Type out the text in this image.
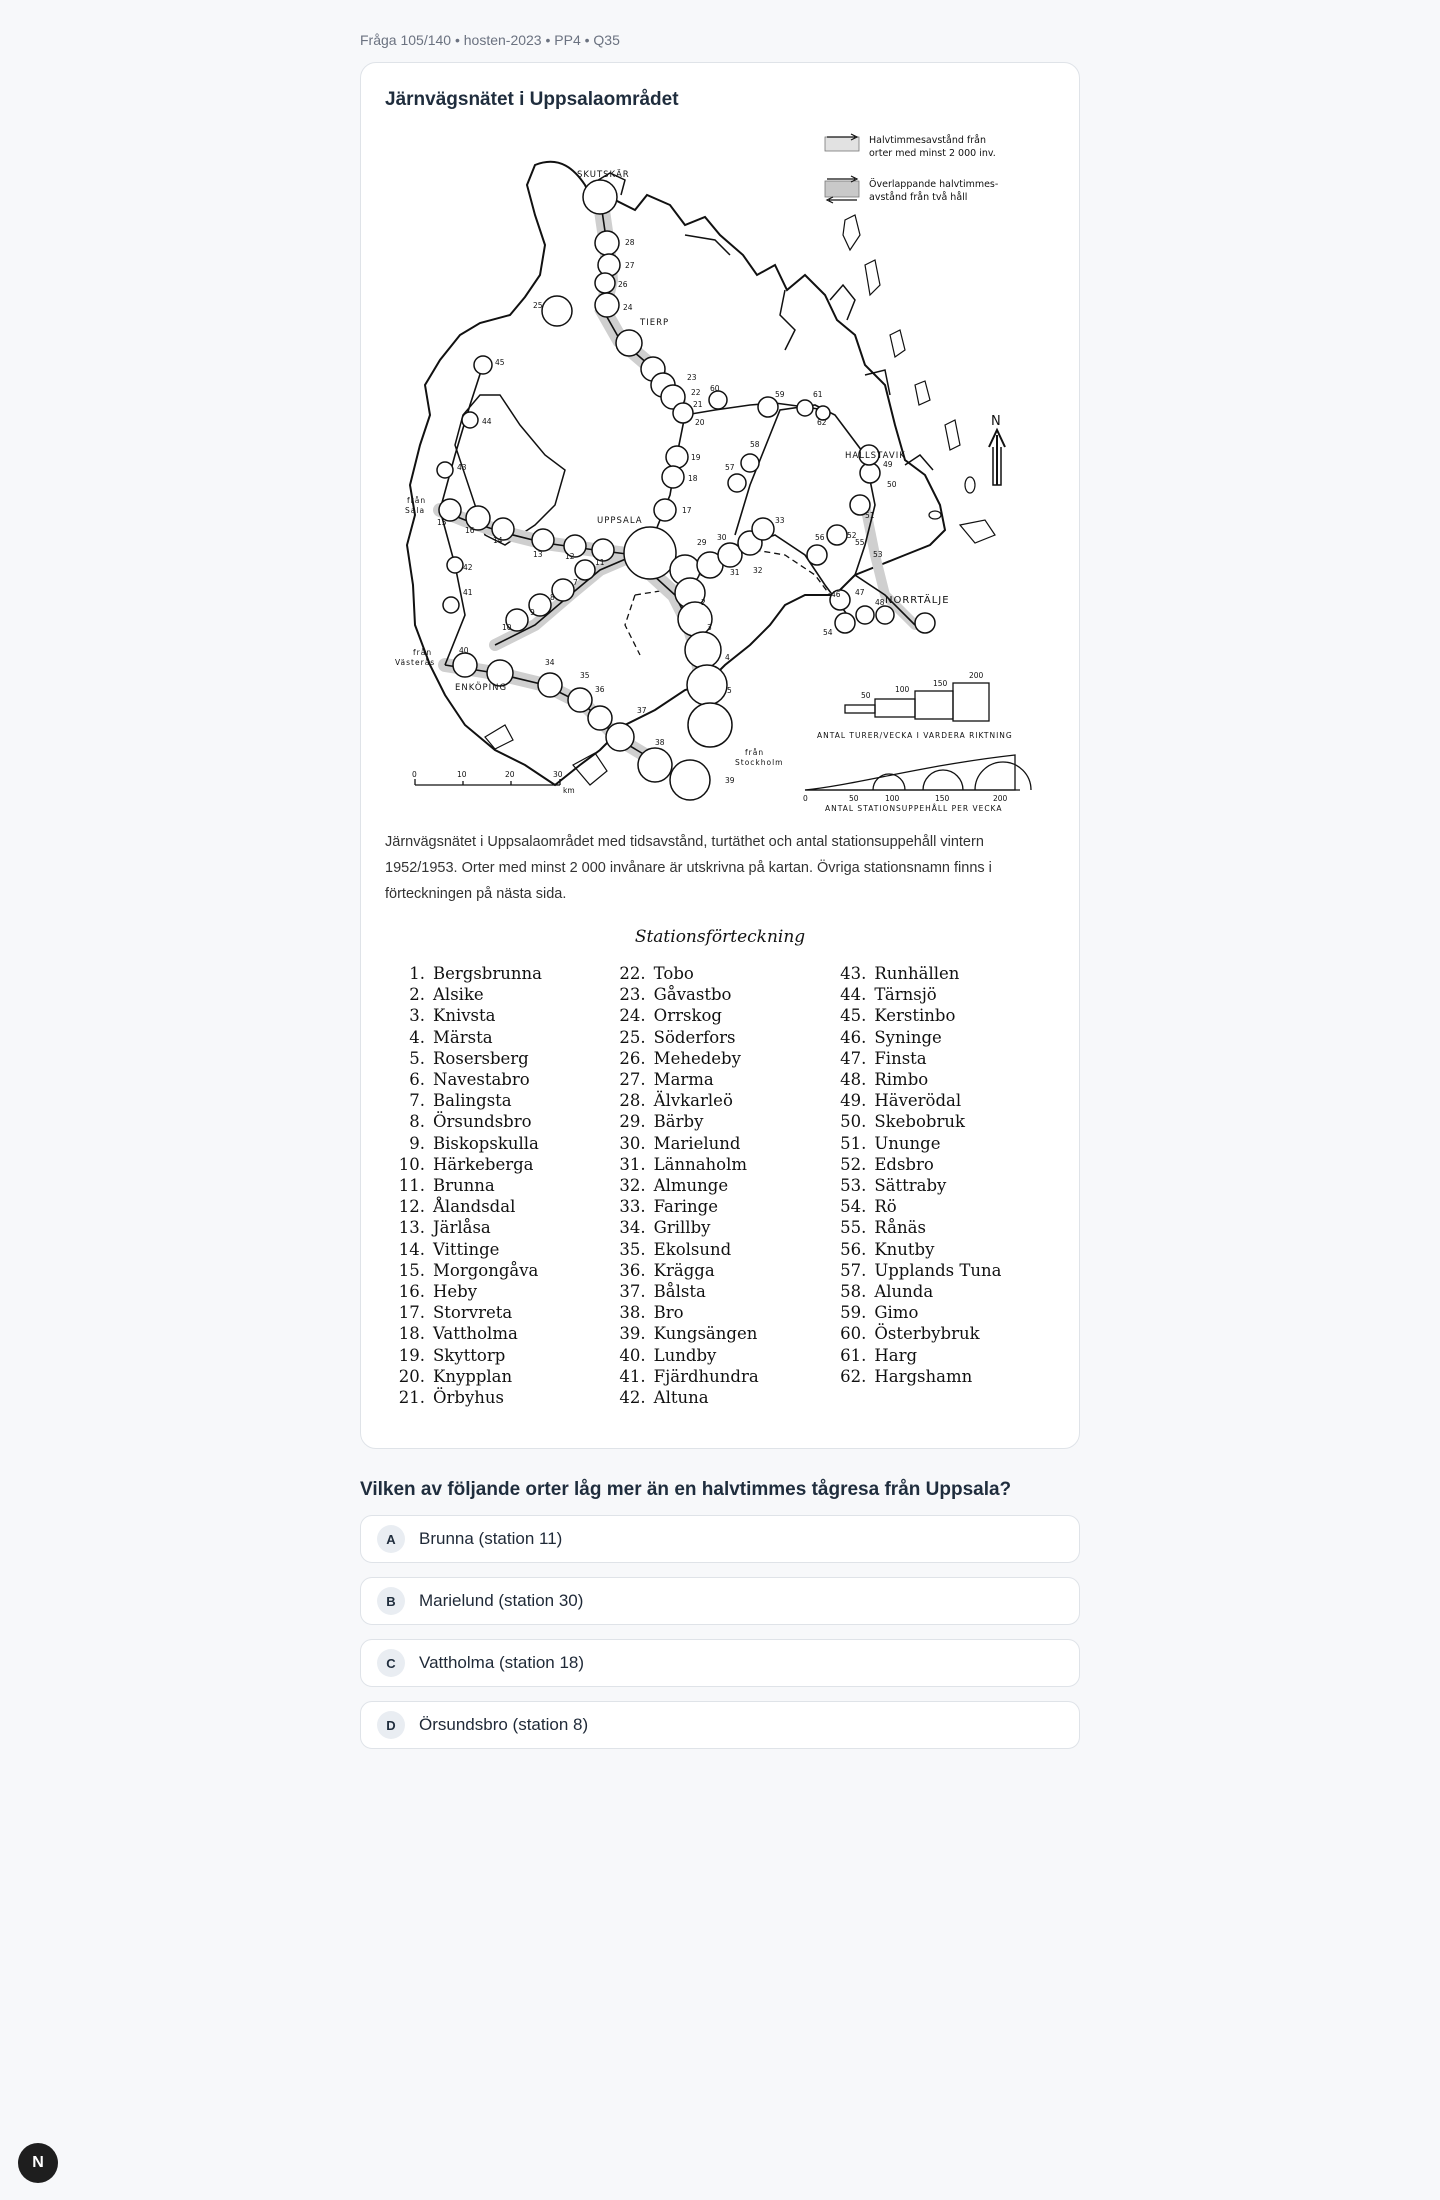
Fråga 105/140 • hosten-2023 • PP4 • Q35
Järnvägsnätet i Uppsalaområdet
28
27
26
24
25
23
22
21
20
19
18
17
15
16
14
13	12
11
29
30
31 32
33
56
2
3
4
5
7
8
9
10
34
35
36
37
38
39
40
41
42
43
44
45
55
46 47
48
49
50
51
52
53
54
58
57
59
60
61
62
SKUTSKÄR
TIERP
UPPSALA
HALLSTAVIK
NORRTÄLJE
ENKÖPING
från
Sala
från
Västerås
från
Stockholm
N
Halvtimmesavstånd från
orter med minst 2 000 inv.
Överlappande halvtimmes-
avstånd från två håll
50
100
150
200
ANTAL TURER/VECKA I VARDERA RIKTNING
0	50	100	150	200
ANTAL STATIONSUPPEHÅLL PER VECKA
0	10	20	30
km

Järnvägsnätet i Uppsalaområdet med tidsavstånd, turtäthet och antal stationsuppehåll vintern 1952/1953. Orter med minst 2 000 invånare är utskrivna på kartan. Övriga stationsnamn finns i förteckningen på nästa sida.

Stationsförteckning
1. Bergsbrunna
2. Alsike
3. Knivsta
4. Märsta
5. Rosersberg
6. Navestabro
7. Balingsta
8. Örsundsbro
9. Biskopskulla
10. Härkeberga
11. Brunna
12. Ålandsdal
13. Järlåsa
14. Vittinge
15. Morgongåva
16. Heby
17. Storvreta
18. Vattholma
19. Skyttorp
20. Knypplan
21. Örbyhus
22. Tobo
23. Gåvastbo
24. Orrskog
25. Söderfors
26. Mehedeby
27. Marma
28. Älvkarleö
29. Bärby
30. Marielund
31. Lännaholm
32. Almunge
33. Faringe
34. Grillby
35. Ekolsund
36. Krägga
37. Bålsta
38. Bro
39. Kungsängen
40. Lundby
41. Fjärdhundra
42. Altuna
43. Runhällen
44. Tärnsjö
45. Kerstinbo
46. Syninge
47. Finsta
48. Rimbo
49. Häverödal
50. Skebobruk
51. Ununge
52. Edsbro
53. Sättraby
54. Rö
55. Rånäs
56. Knutby
57. Upplands Tuna
58. Alunda
59. Gimo
60. Österbybruk
61. Harg
62. Hargshamn
Vilken av följande orter låg mer än en halvtimmes tågresa från Uppsala?
A	Brunna (station 11)
B	Marielund (station 30)
C	Vattholma (station 18)
D	Örsundsbro (station 8)
N
